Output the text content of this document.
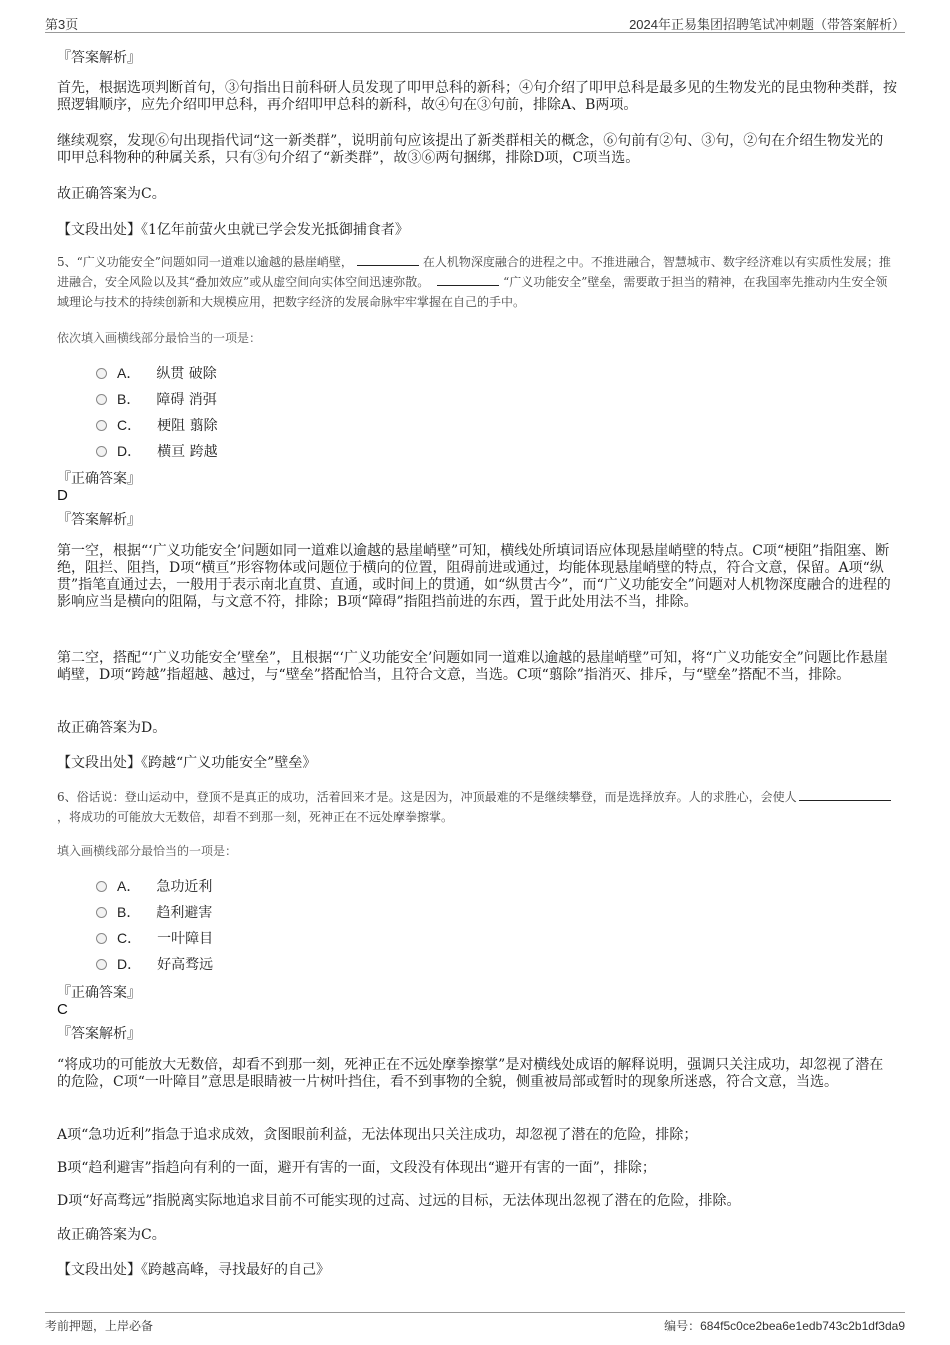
第3页	2024年正易集团招聘笔试冲刺题（带答案解析）
『答案解析』

首先，根据选项判断首句，③句指出日前科研人员发现了叩甲总科的新科；④句介绍了叩甲总科是最多见的生物发光的昆虫物种类群，按照逻辑顺序，应先介绍叩甲总科，再介绍叩甲总科的新科，故④句在③句前，排除A、B两项。

继续观察，发现⑥句出现指代词“这一新类群”，说明前句应该提出了新类群相关的概念，⑥句前有②句、③句，②句在介绍生物发光的叩甲总科物种的种属关系，只有③句介绍了“新类群”，故③⑥两句捆绑，排除D项，C项当选。

故正确答案为C。

【文段出处】《1亿年前萤火虫就已学会发光抵御捕食者》

5、“广义功能安全”问题如同一道难以逾越的悬崖峭壁，	在人机物深度融合的进程之中。不推进融合，智慧城市、数字经济难以有实质性发展；推进融合，安全风险以及其“叠加效应”或从虚空间向实体空间迅速弥散。	“广义功能安全”壁垒，需要敢于担当的精神，在我国率先推动内生安全领域理论与技术的持续创新和大规模应用，把数字经济的发展命脉牢牢掌握在自己的手中。

依次填入画横线部分最恰当的一项是：

A． 纵贯 破除
B． 障碍 消弭
C． 梗阻 翦除
D． 横亘 跨越
『正确答案』
D
『答案解析』

第一空，根据“‘广义功能安全’问题如同一道难以逾越的悬崖峭壁”可知，横线处所填词语应体现悬崖峭壁的特点。C项“梗阻”指阻塞、断绝，阻拦、阻挡，D项“横亘”形容物体或问题位于横向的位置，阻碍前进或通过，均能体现悬崖峭壁的特点，符合文意，保留。A项“纵贯”指笔直通过去，一般用于表示南北直贯、直通，或时间上的贯通，如“纵贯古今”，而“广义功能安全”问题对人机物深度融合的进程的影响应当是横向的阻隔，与文意不符，排除；B项“障碍”指阻挡前进的东西，置于此处用法不当，排除。

第二空，搭配“‘广义功能安全’壁垒”，且根据“‘广义功能安全’问题如同一道难以逾越的悬崖峭壁”可知，将“广义功能安全”问题比作悬崖峭壁，D项“跨越”指超越、越过，与“壁垒”搭配恰当，且符合文意，当选。C项“翦除”指消灭、排斥，与“壁垒”搭配不当，排除。

故正确答案为D。

【文段出处】《跨越“广义功能安全”壁垒》

6、俗话说：登山运动中，登顶不是真正的成功，活着回来才是。这是因为，冲顶最难的不是继续攀登，而是选择放弃。人的求胜心，会使人，将成功的可能放大无数倍，却看不到那一刻，死神正在不远处摩拳擦掌。

填入画横线部分最恰当的一项是：

A． 急功近利
B． 趋利避害
C． 一叶障目
D． 好高骛远
『正确答案』
C
『答案解析』

“将成功的可能放大无数倍，却看不到那一刻，死神正在不远处摩拳擦掌”是对横线处成语的解释说明，强调只关注成功，却忽视了潜在的危险，C项“一叶障目”意思是眼睛被一片树叶挡住，看不到事物的全貌，侧重被局部或暂时的现象所迷惑，符合文意，当选。

A项“急功近利”指急于追求成效，贪图眼前利益，无法体现出只关注成功，却忽视了潜在的危险，排除；

B项“趋利避害”指趋向有利的一面，避开有害的一面，文段没有体现出“避开有害的一面”，排除；

D项“好高骛远”指脱离实际地追求目前不可能实现的过高、过远的目标，无法体现出忽视了潜在的危险，排除。

故正确答案为C。

【文段出处】《跨越高峰，寻找最好的自己》

考前押题，上岸必备	编号：684f5c0ce2bea6e1edb743c2b1df3da9
